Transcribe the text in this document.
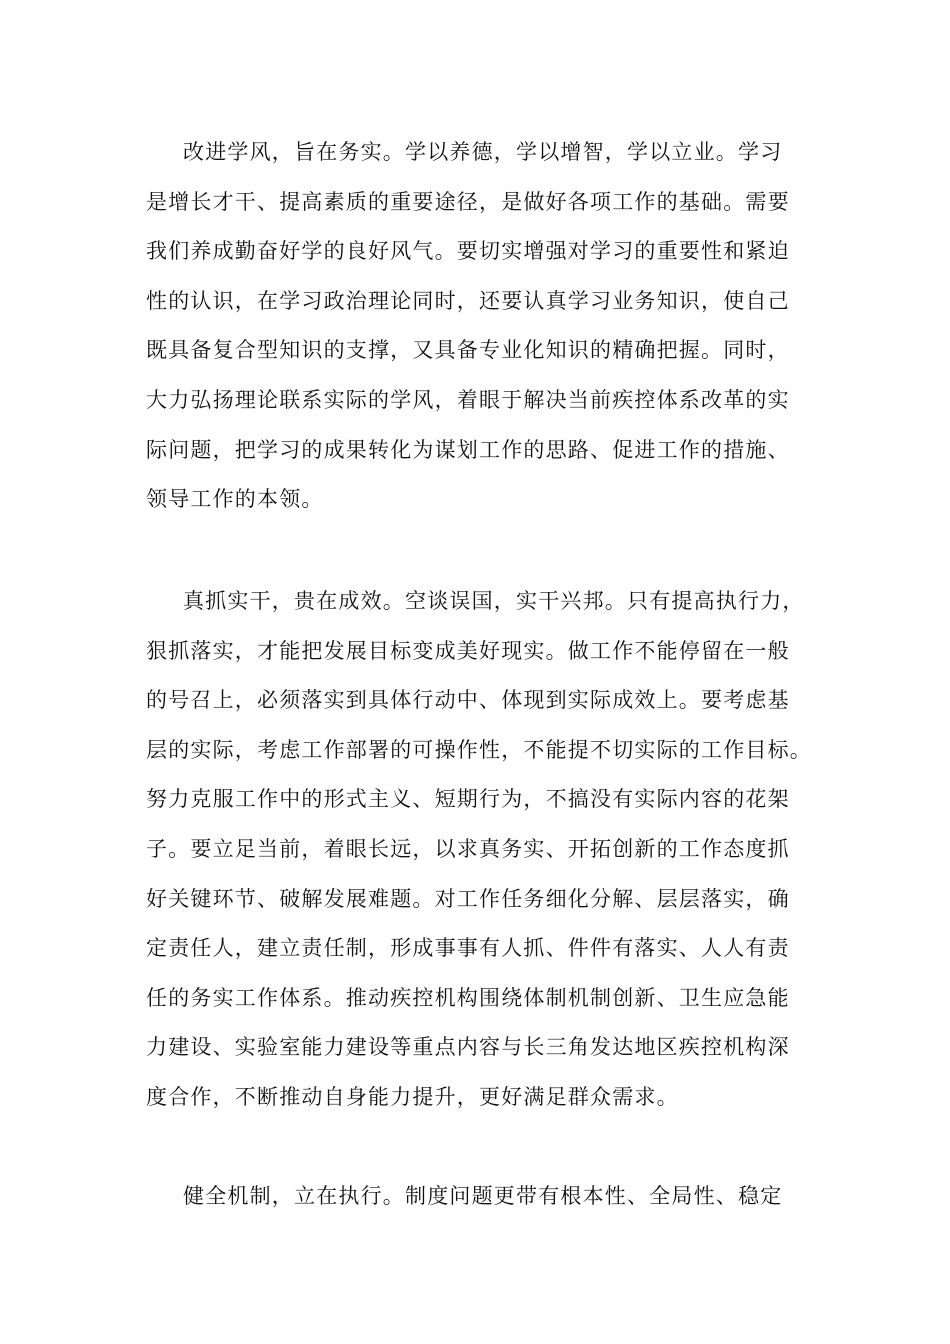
改进学风，旨在务实。学以养德，学以增智，学以立业。学习
是增长才干、提高素质的重要途径，是做好各项工作的基础。需要
我们养成勤奋好学的良好风气。要切实增强对学习的重要性和紧迫
性的认识，在学习政治理论同时，还要认真学习业务知识，使自己
既具备复合型知识的支撑，又具备专业化知识的精确把握。同时，
大力弘扬理论联系实际的学风，着眼于解决当前疾控体系改革的实
际问题，把学习的成果转化为谋划工作的思路、促进工作的措施、
领导工作的本领。
真抓实干，贵在成效。空谈误国，实干兴邦。只有提高执行力，
狠抓落实，才能把发展目标变成美好现实。做工作不能停留在一般
的号召上，必须落实到具体行动中、体现到实际成效上。要考虑基
层的实际，考虑工作部署的可操作性，不能提不切实际的工作目标。
努力克服工作中的形式主义、短期行为，不搞没有实际内容的花架
子。要立足当前，着眼长远，以求真务实、开拓创新的工作态度抓
好关键环节、破解发展难题。对工作任务细化分解、层层落实，确
定责任人，建立责任制，形成事事有人抓、件件有落实、人人有责
任的务实工作体系。推动疾控机构围绕体制机制创新、卫生应急能
力建设、实验室能力建设等重点内容与长三角发达地区疾控机构深
度合作，不断推动自身能力提升，更好满足群众需求。
健全机制，立在执行。制度问题更带有根本性、全局性、稳定
